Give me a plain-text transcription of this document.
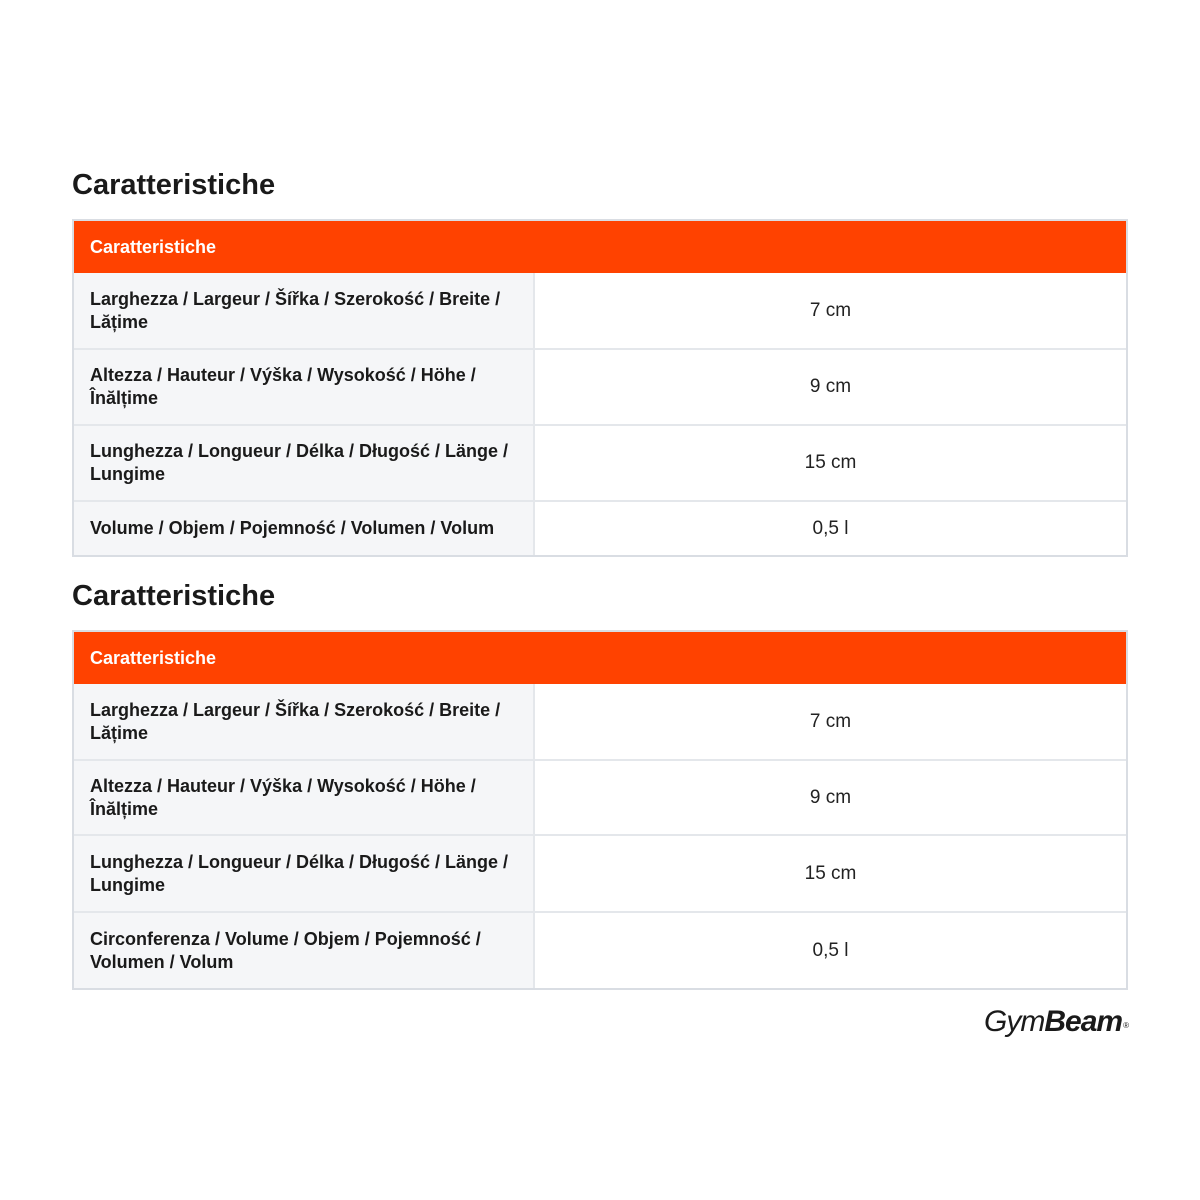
Caratteristiche
Caratteristiche
Larghezza / Largeur / Šířka / Szerokość / Breite / Lățime
7 cm
Altezza / Hauteur / Výška / Wysokość / Höhe / Înălțime
9 cm
Lunghezza / Longueur / Délka / Długość / Länge / Lungime
15 cm
Volume / Objem / Pojemność / Volumen / Volum	0,5 l
Caratteristiche
Caratteristiche
Larghezza / Largeur / Šířka / Szerokość / Breite / Lățime
7 cm
Altezza / Hauteur / Výška / Wysokość / Höhe / Înălțime
9 cm
Lunghezza / Longueur / Délka / Długość / Länge / Lungime
15 cm
Circonferenza / Volume / Objem / Pojemność / Volumen / Volum
0,5 l
GymBeam®
